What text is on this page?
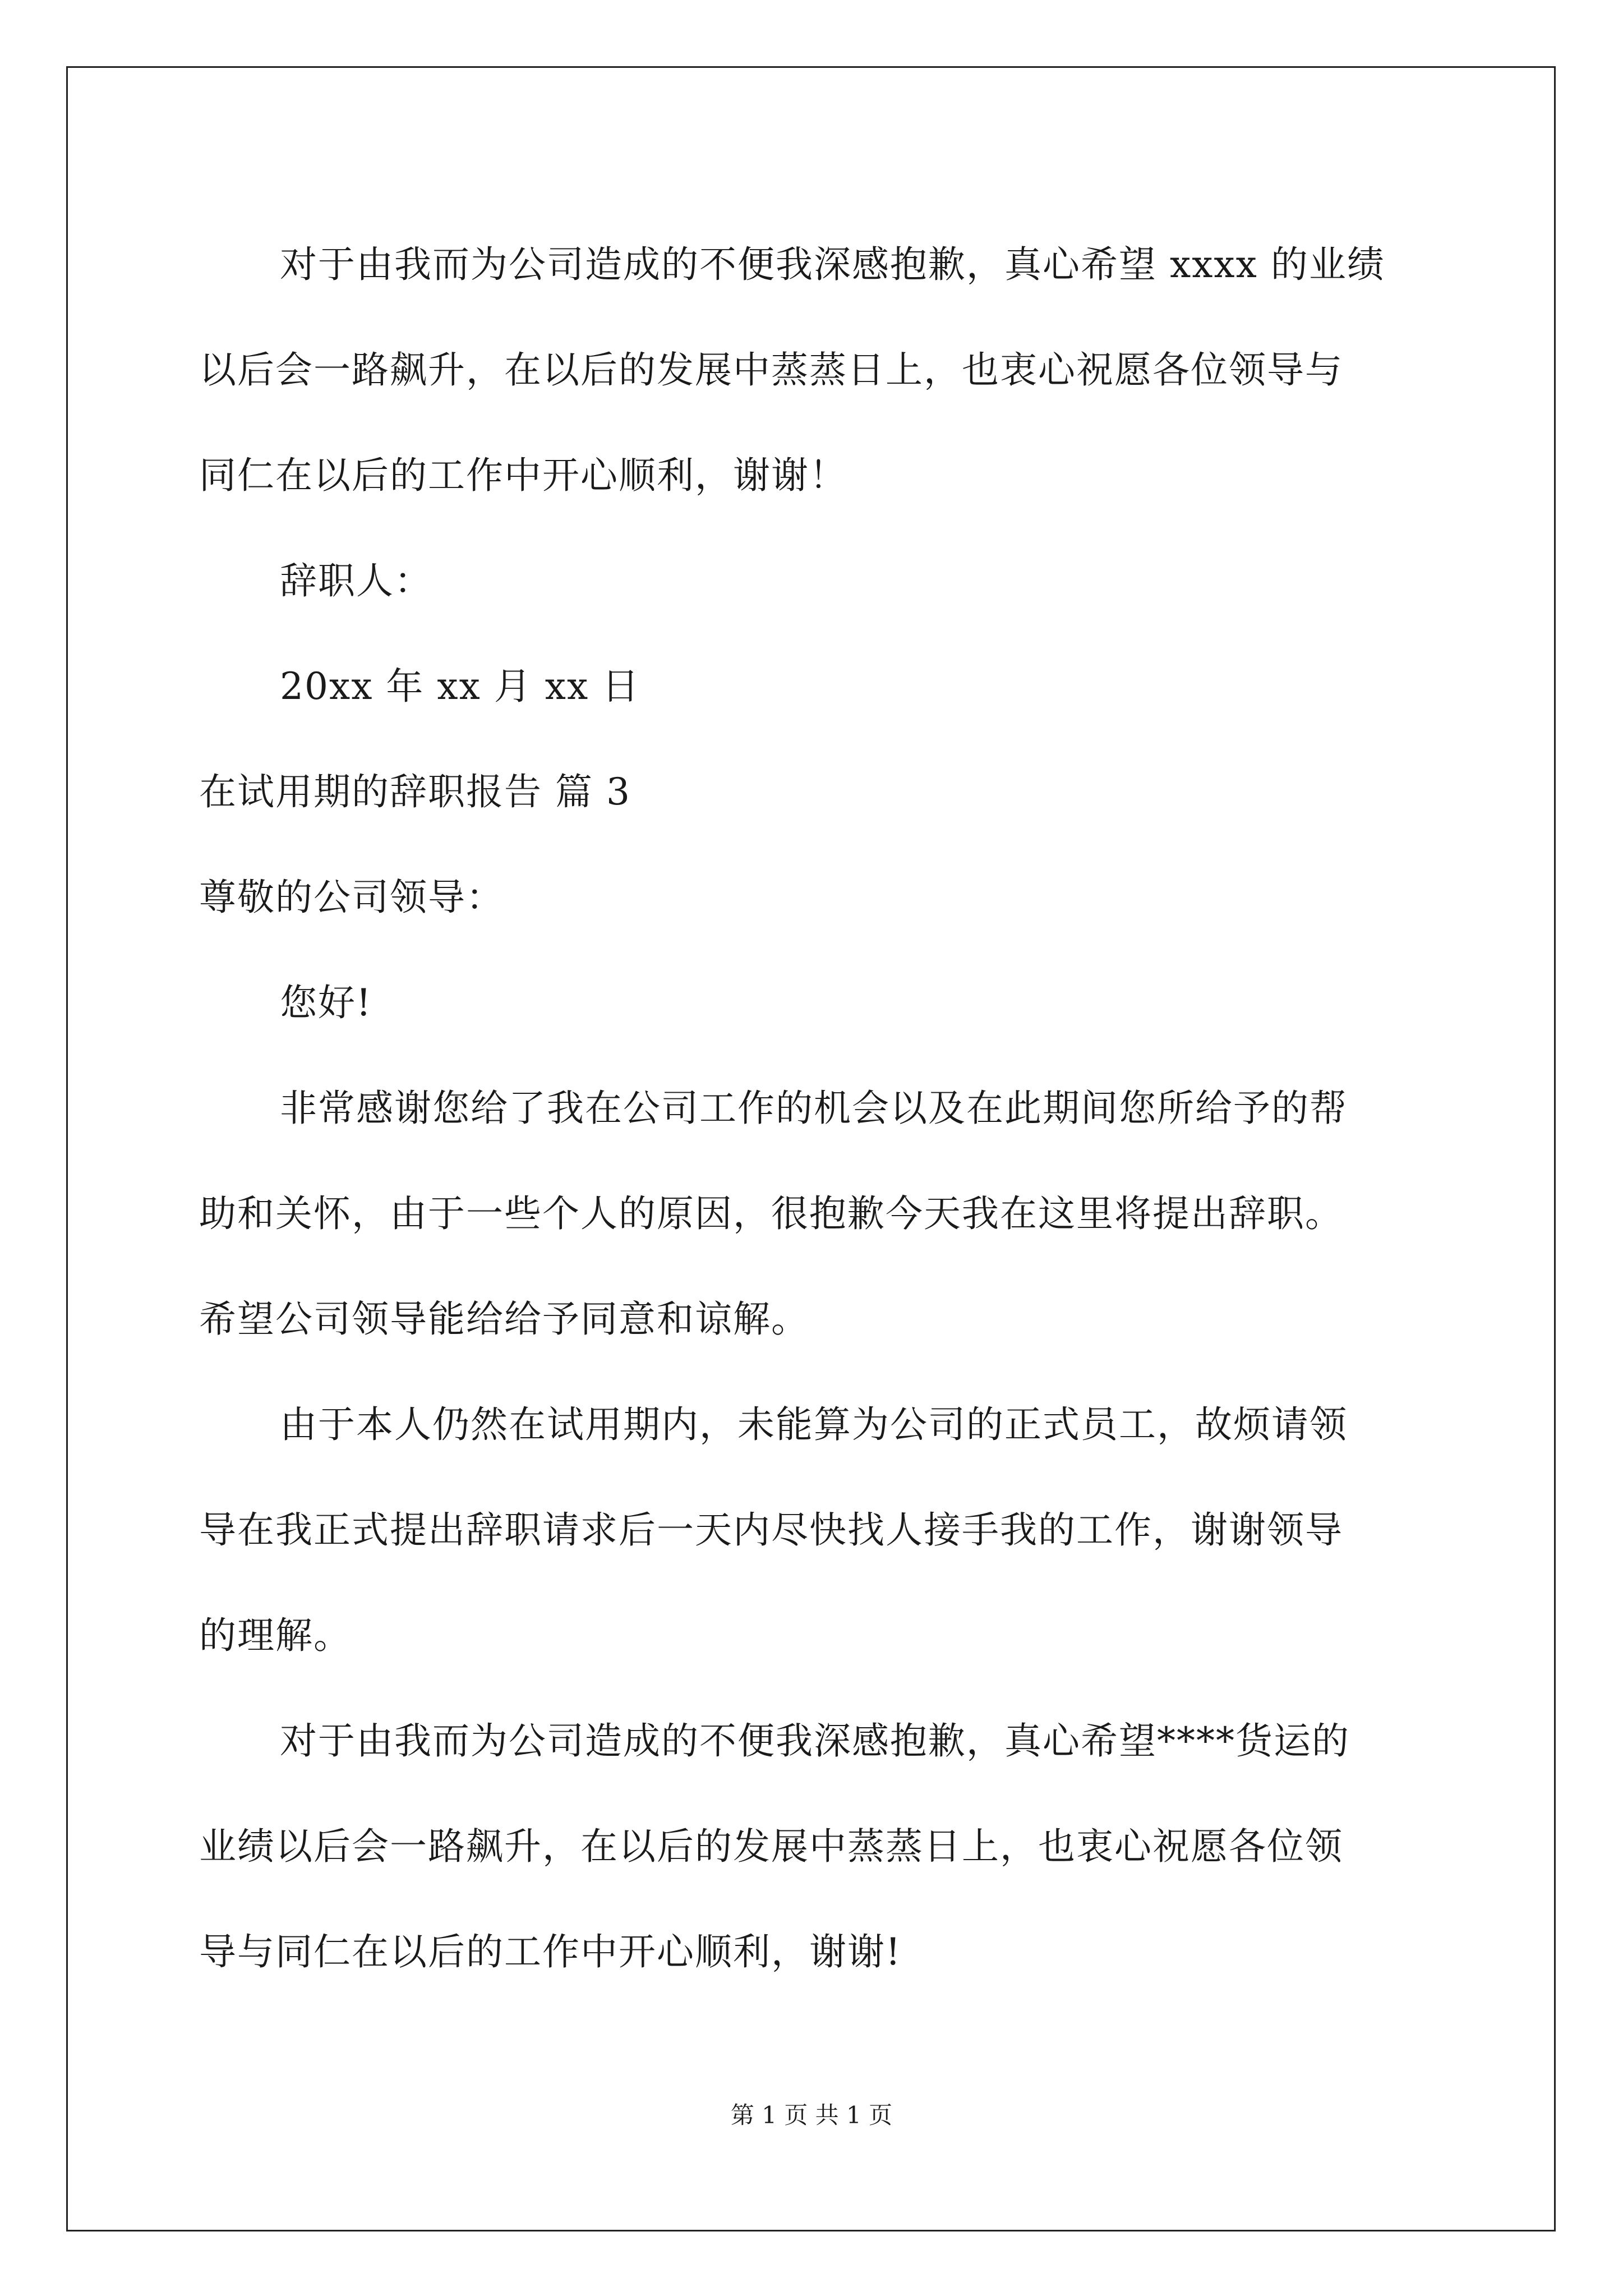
对于由我而为公司造成的不便我深感抱歉，真心希望 xxxx 的业绩
以后会一路飙升，在以后的发展中蒸蒸日上，也衷心祝愿各位领导与
同仁在以后的工作中开心顺利，谢谢！
辞职人：
20xx 年 xx 月 xx 日
在试用期的辞职报告 篇 3
尊敬的公司领导：
您好!
非常感谢您给了我在公司工作的机会以及在此期间您所给予的帮
助和关怀，由于一些个人的原因，很抱歉今天我在这里将提出辞职。
希望公司领导能给给予同意和谅解。
由于本人仍然在试用期内，未能算为公司的正式员工，故烦请领
导在我正式提出辞职请求后一天内尽快找人接手我的工作，谢谢领导
的理解。
对于由我而为公司造成的不便我深感抱歉，真心希望****货运的
业绩以后会一路飙升，在以后的发展中蒸蒸日上，也衷心祝愿各位领
导与同仁在以后的工作中开心顺利，谢谢!
第 1 页 共 1 页
